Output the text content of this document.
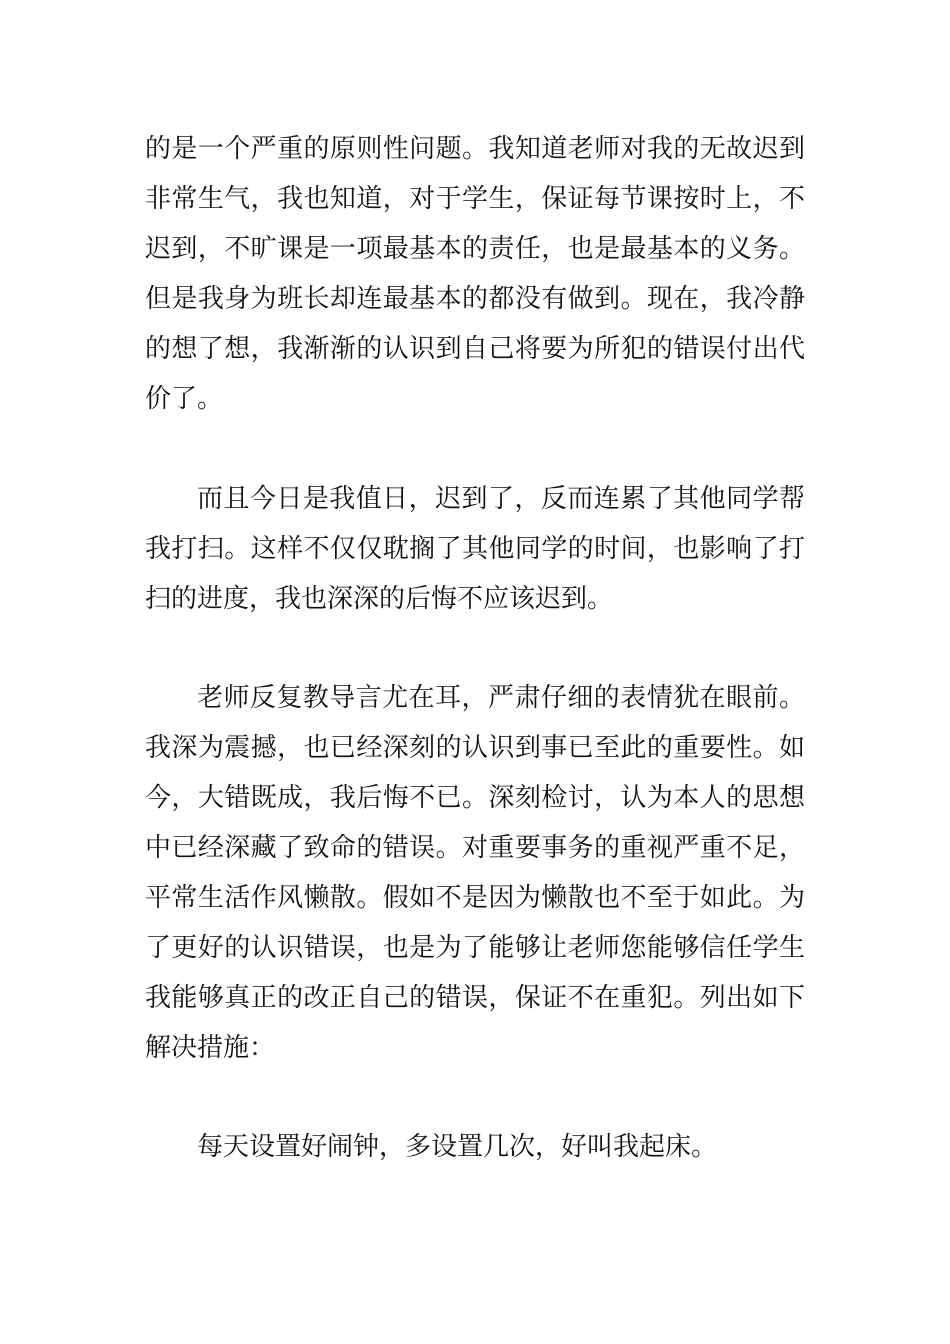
的是一个严重的原则性问题。我知道老师对我的无故迟到
非常生气，我也知道，对于学生，保证每节课按时上，不
迟到，不旷课是一项最基本的责任，也是最基本的义务。
但是我身为班长却连最基本的都没有做到。现在，我冷静
的想了想，我渐渐的认识到自己将要为所犯的错误付出代
价了。
而且今日是我值日，迟到了，反而连累了其他同学帮
我打扫。这样不仅仅耽搁了其他同学的时间，也影响了打
扫的进度，我也深深的后悔不应该迟到。
老师反复教导言尤在耳，严肃仔细的表情犹在眼前。
我深为震撼，也已经深刻的认识到事已至此的重要性。如
今，大错既成，我后悔不已。深刻检讨，认为本人的思想
中已经深藏了致命的错误。对重要事务的重视严重不足，
平常生活作风懒散。假如不是因为懒散也不至于如此。为
了更好的认识错误，也是为了能够让老师您能够信任学生
我能够真正的改正自己的错误，保证不在重犯。列出如下
解决措施：
每天设置好闹钟，多设置几次，好叫我起床。
